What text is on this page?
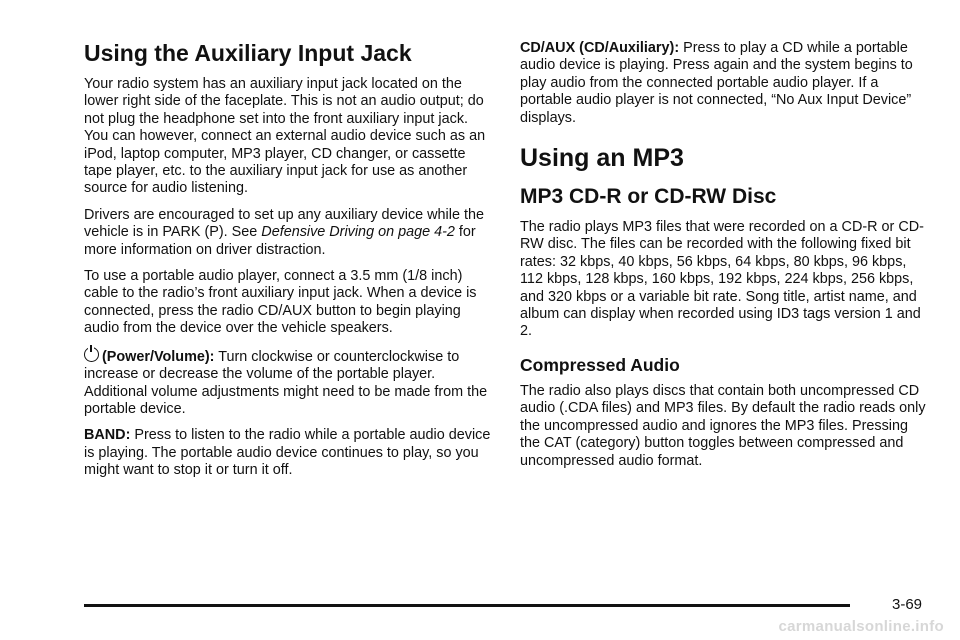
Using the Auxiliary Input Jack

Your radio system has an auxiliary input jack located on the lower right side of the faceplate. This is not an audio output; do not plug the headphone set into the front auxiliary input jack. You can however, connect an external audio device such as an iPod, laptop computer, MP3 player, CD changer, or cassette tape player, etc. to the auxiliary input jack for use as another source for audio listening.

Drivers are encouraged to set up any auxiliary device while the vehicle is in PARK (P). See Defensive Driving on page 4-2 for more information on driver distraction.

To use a portable audio player, connect a 3.5 mm (1/8 inch) cable to the radio’s front auxiliary input jack. When a device is connected, press the radio CD/AUX button to begin playing audio from the device over the vehicle speakers.

(Power/Volume): Turn clockwise or counterclockwise to increase or decrease the volume of the portable player. Additional volume adjustments might need to be made from the portable device.

BAND: Press to listen to the radio while a portable audio device is playing. The portable audio device continues to play, so you might want to stop it or turn it off.

CD/AUX (CD/Auxiliary): Press to play a CD while a portable audio device is playing. Press again and the system begins to play audio from the connected portable audio player. If a portable audio player is not connected, “No Aux Input Device” displays.

Using an MP3
MP3 CD-R or CD-RW Disc

The radio plays MP3 files that were recorded on a CD-R or CD-RW disc. The files can be recorded with the following fixed bit rates: 32 kbps, 40 kbps, 56 kbps, 64 kbps, 80 kbps, 96 kbps, 112 kbps, 128 kbps, 160 kbps, 192 kbps, 224 kbps, 256 kbps, and 320 kbps or a variable bit rate. Song title, artist name, and album can display when recorded using ID3 tags version 1 and 2.

Compressed Audio

The radio also plays discs that contain both uncompressed CD audio (.CDA files) and MP3 files. By default the radio reads only the uncompressed audio and ignores the MP3 files. Pressing the CAT (category) button toggles between compressed and uncompressed audio format.

3-69
carmanualsonline.info
